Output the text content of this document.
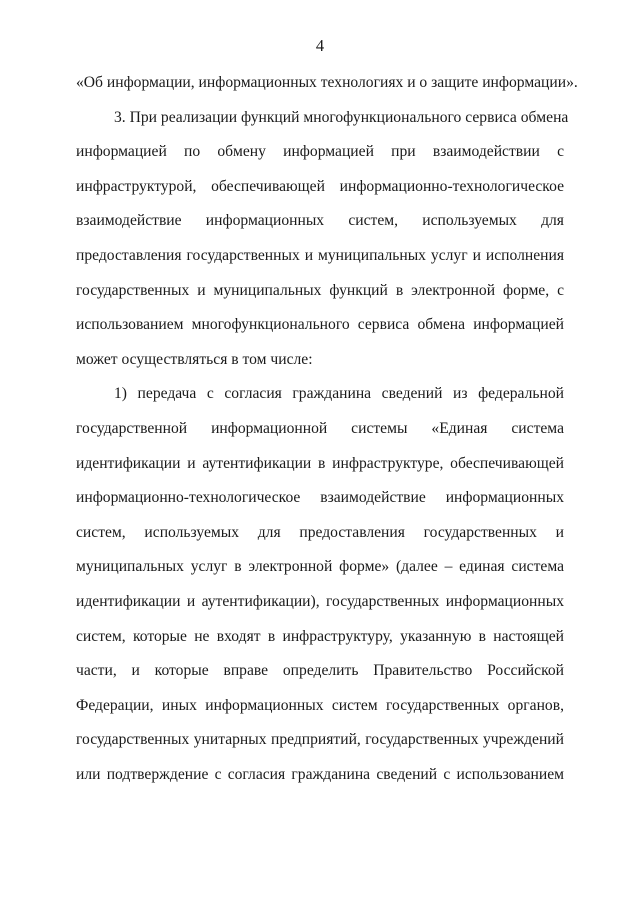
4
«Об информации, информационных технологиях и о защите информации».
3. При реализации функций многофункционального сервиса обмена
информацией по обмену информацией при взаимодействии с
инфраструктурой, обеспечивающей информационно-технологическое
взаимодействие информационных систем, используемых для
предоставления государственных и муниципальных услуг и исполнения
государственных и муниципальных функций в электронной форме, с
использованием многофункционального сервиса обмена информацией
может осуществляться в том числе:
1) передача с согласия гражданина сведений из федеральной
государственной информационной системы «Единая система
идентификации и аутентификации в инфраструктуре, обеспечивающей
информационно-технологическое взаимодействие информационных
систем, используемых для предоставления государственных и
муниципальных услуг в электронной форме» (далее – единая система
идентификации и аутентификации), государственных информационных
систем, которые не входят в инфраструктуру, указанную в настоящей
части, и которые вправе определить Правительство Российской
Федерации, иных информационных систем государственных органов,
государственных унитарных предприятий, государственных учреждений
или подтверждение с согласия гражданина сведений с использованием
